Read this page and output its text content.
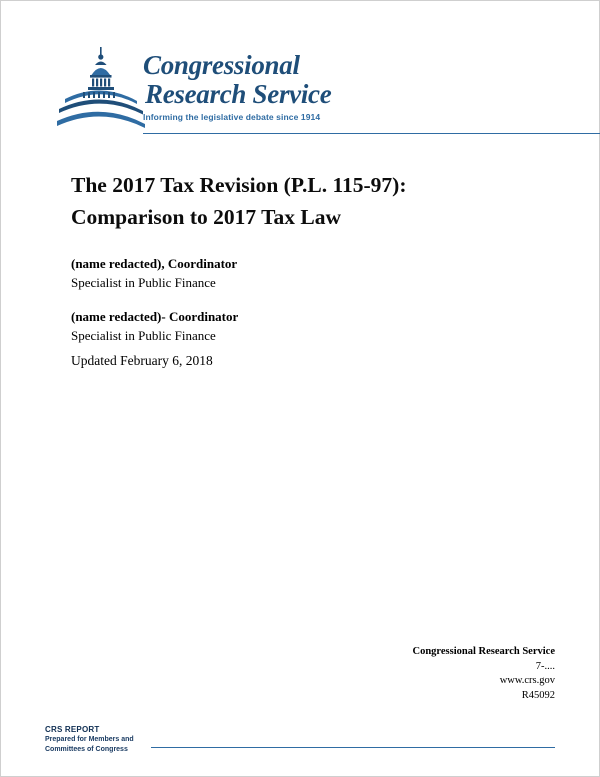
Congressional
Research Service
Informing the legislative debate since 1914
The 2017 Tax Revision (P.L. 115-97):
Comparison to 2017 Tax Law
(name redacted), Coordinator
Specialist in Public Finance
(name redacted)- Coordinator
Specialist in Public Finance
Updated February 6, 2018
Congressional Research Service
7-....
www.crs.gov
R45092
CRS REPORT
Prepared for Members and
Committees of Congress
